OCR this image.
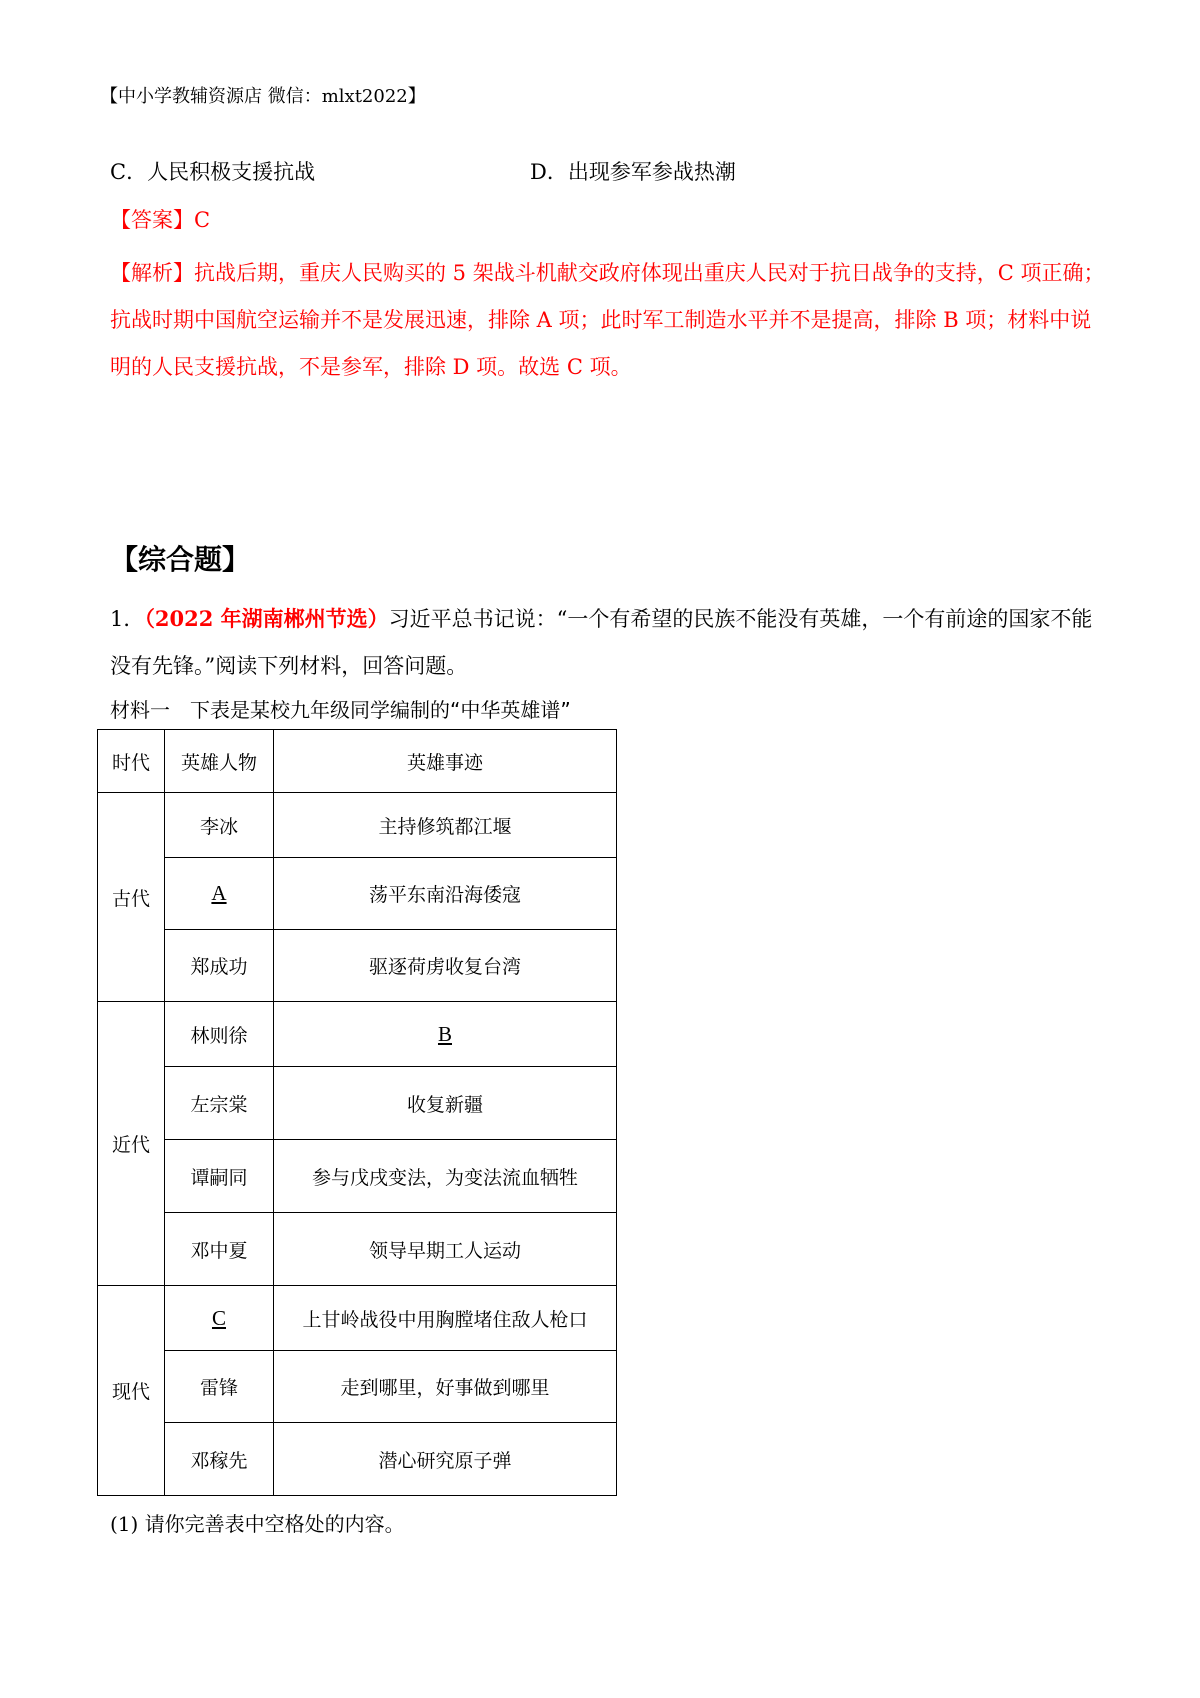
【中小学教辅资源店 微信：mlxt2022】
C．人民积极支援抗战	D．出现参军参战热潮
【答案】C
【解析】抗战后期，重庆人民购买的 5 架战斗机献交政府体现出重庆人民对于抗日战争的支持，C 项正确；抗战时期中国航空运输并不是发展迅速，排除 A 项；此时军工制造水平并不是提高，排除 B 项；材料中说明的人民支援抗战，不是参军，排除 D 项。故选 C 项。
【综合题】
1．（2022 年湖南郴州节选）习近平总书记说：“一个有希望的民族不能没有英雄，一个有前途的国家不能没有先锋。”阅读下列材料，回答问题。
材料一　下表是某校九年级同学编制的“中华英雄谱”
时代	英雄人物	英雄事迹
古代	李冰	主持修筑都江堰
	A	荡平东南沿海倭寇
	郑成功	驱逐荷虏收复台湾
近代	林则徐	B
	左宗棠	收复新疆
	谭嗣同	参与戊戌变法，为变法流血牺牲
	邓中夏	领导早期工人运动
现代	C	上甘岭战役中用胸膛堵住敌人枪口
	雷锋	走到哪里，好事做到哪里
	邓稼先	潜心研究原子弹
(1) 请你完善表中空格处的内容。
